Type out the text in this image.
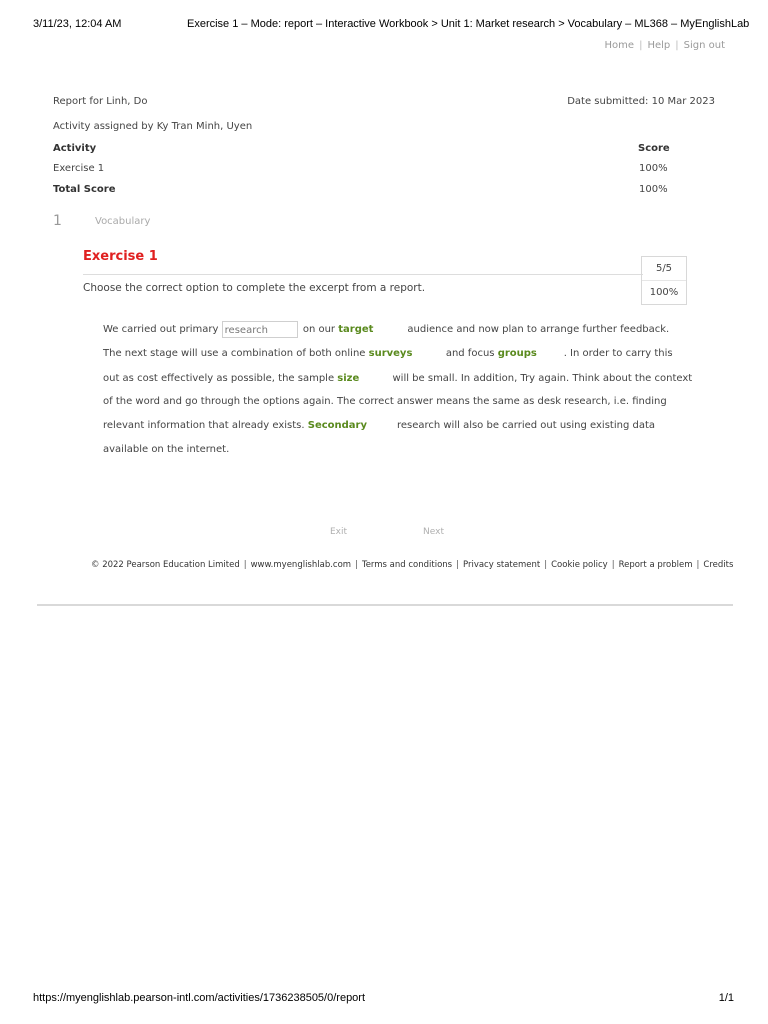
3/11/23, 12:04 AM	Exercise 1 – Mode: report – Interactive Workbook > Unit 1: Market research > Vocabulary – ML368 – MyEnglishLab
Home | Help | Sign out
Report for Linh, Do	Date submitted: 10 Mar 2023
Activity assigned by Ky Tran Minh, Uyen
Activity	Score
Exercise 1	100%
Total Score	100%
1	Vocabulary
Exercise 1
5/5
100%
Choose the correct option to complete the excerpt from a report.
We carried out primary research	on our target	audience and now plan to arrange further feedback.
The next stage will use a combination of both online surveys	and focus groups	. In order to carry this
out as cost effectively as possible, the sample size	will be small. In addition, Try again. Think about the context
of the word and go through the options again. The correct answer means the same as desk research, i.e. finding
relevant information that already exists. Secondary	research will also be carried out using existing data
available on the internet.
Exit	Next
© 2022 Pearson Education Limited | www.myenglishlab.com | Terms and conditions | Privacy statement | Cookie policy | Report a problem | Credits
https://myenglishlab.pearson-intl.com/activities/1736238505/0/report	1/1
